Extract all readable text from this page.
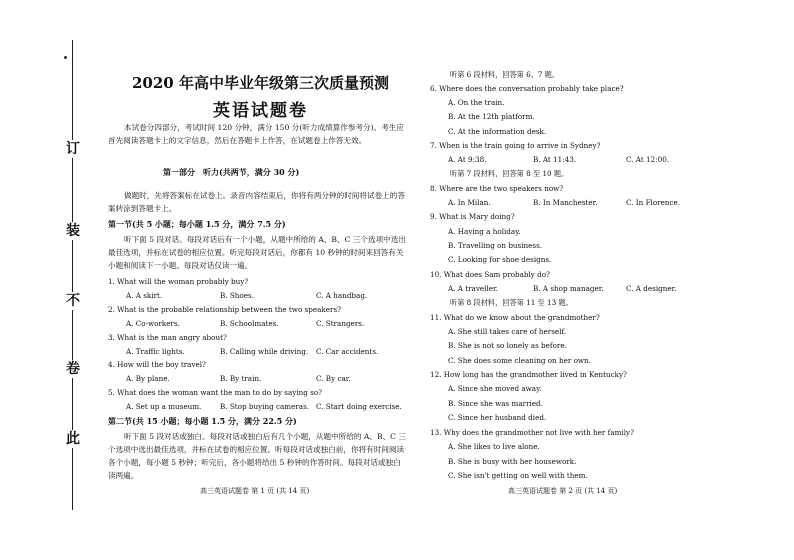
订
装
不
卷
此
2020 年高中毕业年级第三次质量预测
英语试题卷
本试卷分四部分，考试时间 120 分钟，满分 150 分(听力成绩算作参考分)。考生应首先阅读答题卡上的文字信息，然后在答题卡上作答，在试题卷上作答无效。
第一部分　听力(共两节，满分 30 分)
做题时，先将答案标在试卷上。录音内容结束后，你将有两分钟的时间将试卷上的答案转涂到答题卡上。
第一节(共 5 小题；每小题 1.5 分，满分 7.5 分)
听下面 5 段对话。每段对话后有一个小题，从题中所给的 A、B、C 三个选项中选出最佳选项，并标在试卷的相应位置。听完每段对话后，你都有 10 秒钟的时间来回答有关小题和阅读下一小题。每段对话仅读一遍。
1. What will the woman probably buy?
A. A skirt.	B. Shoes.	C. A handbag.
2. What is the probable relationship between the two speakers?
A. Co-workers.	B. Schoolmates.	C. Strangers.
3. What is the man angry about?
A. Traffic lights.	B. Calling while driving. C. Car accidents.
4. How will the boy travel?
A. By plane.	B. By train.	C. By car.
5. What does the woman want the man to do by saying so?
A. Set up a museum.	B. Stop buying cameras. C. Start doing exercise.
第二节(共 15 小题；每小题 1.5 分，满分 22.5 分)
听下面 5 段对话或独白。每段对话或独白后有几个小题，从题中所给的 A、B、C 三个选项中选出最佳选项，并标在试卷的相应位置。听每段对话或独白前，你将有时间阅读各个小题，每小题 5 秒钟；听完后，各小题将给出 5 秒钟的作答时间。每段对话或独白读两遍。
高三英语试题卷 第 1 页 (共 14 页)
听第 6 段材料，回答第 6、7 题。
6. Where does the conversation probably take place?
A. On the train.
B. At the 12th platform.
C. At the information desk.
7. When is the train going to arrive in Sydney?
A. At 9:38.	B. At 11:43.	C. At 12:00.
听第 7 段材料，回答第 8 至 10 题。
8. Where are the two speakers now?
A. In Milan.	B. In Manchester.	C. In Florence.
9. What is Mary doing?
A. Having a holiday.
B. Travelling on business.
C. Looking for shoe designs.
10. What does Sam probably do?
A. A traveller.	B. A shop manager.	C. A designer.
听第 8 段材料，回答第 11 至 13 题。
11. What do we know about the grandmother?
A. She still takes care of herself.
B. She is not so lonely as before.
C. She does some cleaning on her own.
12. How long has the grandmother lived in Kentucky?
A. Since she moved away.
B. Since she was married.
C. Since her husband died.
13. Why does the grandmother not live with her family?
A. She likes to live alone.
B. She is busy with her housework.
C. She isn't getting on well with them.
高三英语试题卷 第 2 页 (共 14 页)
